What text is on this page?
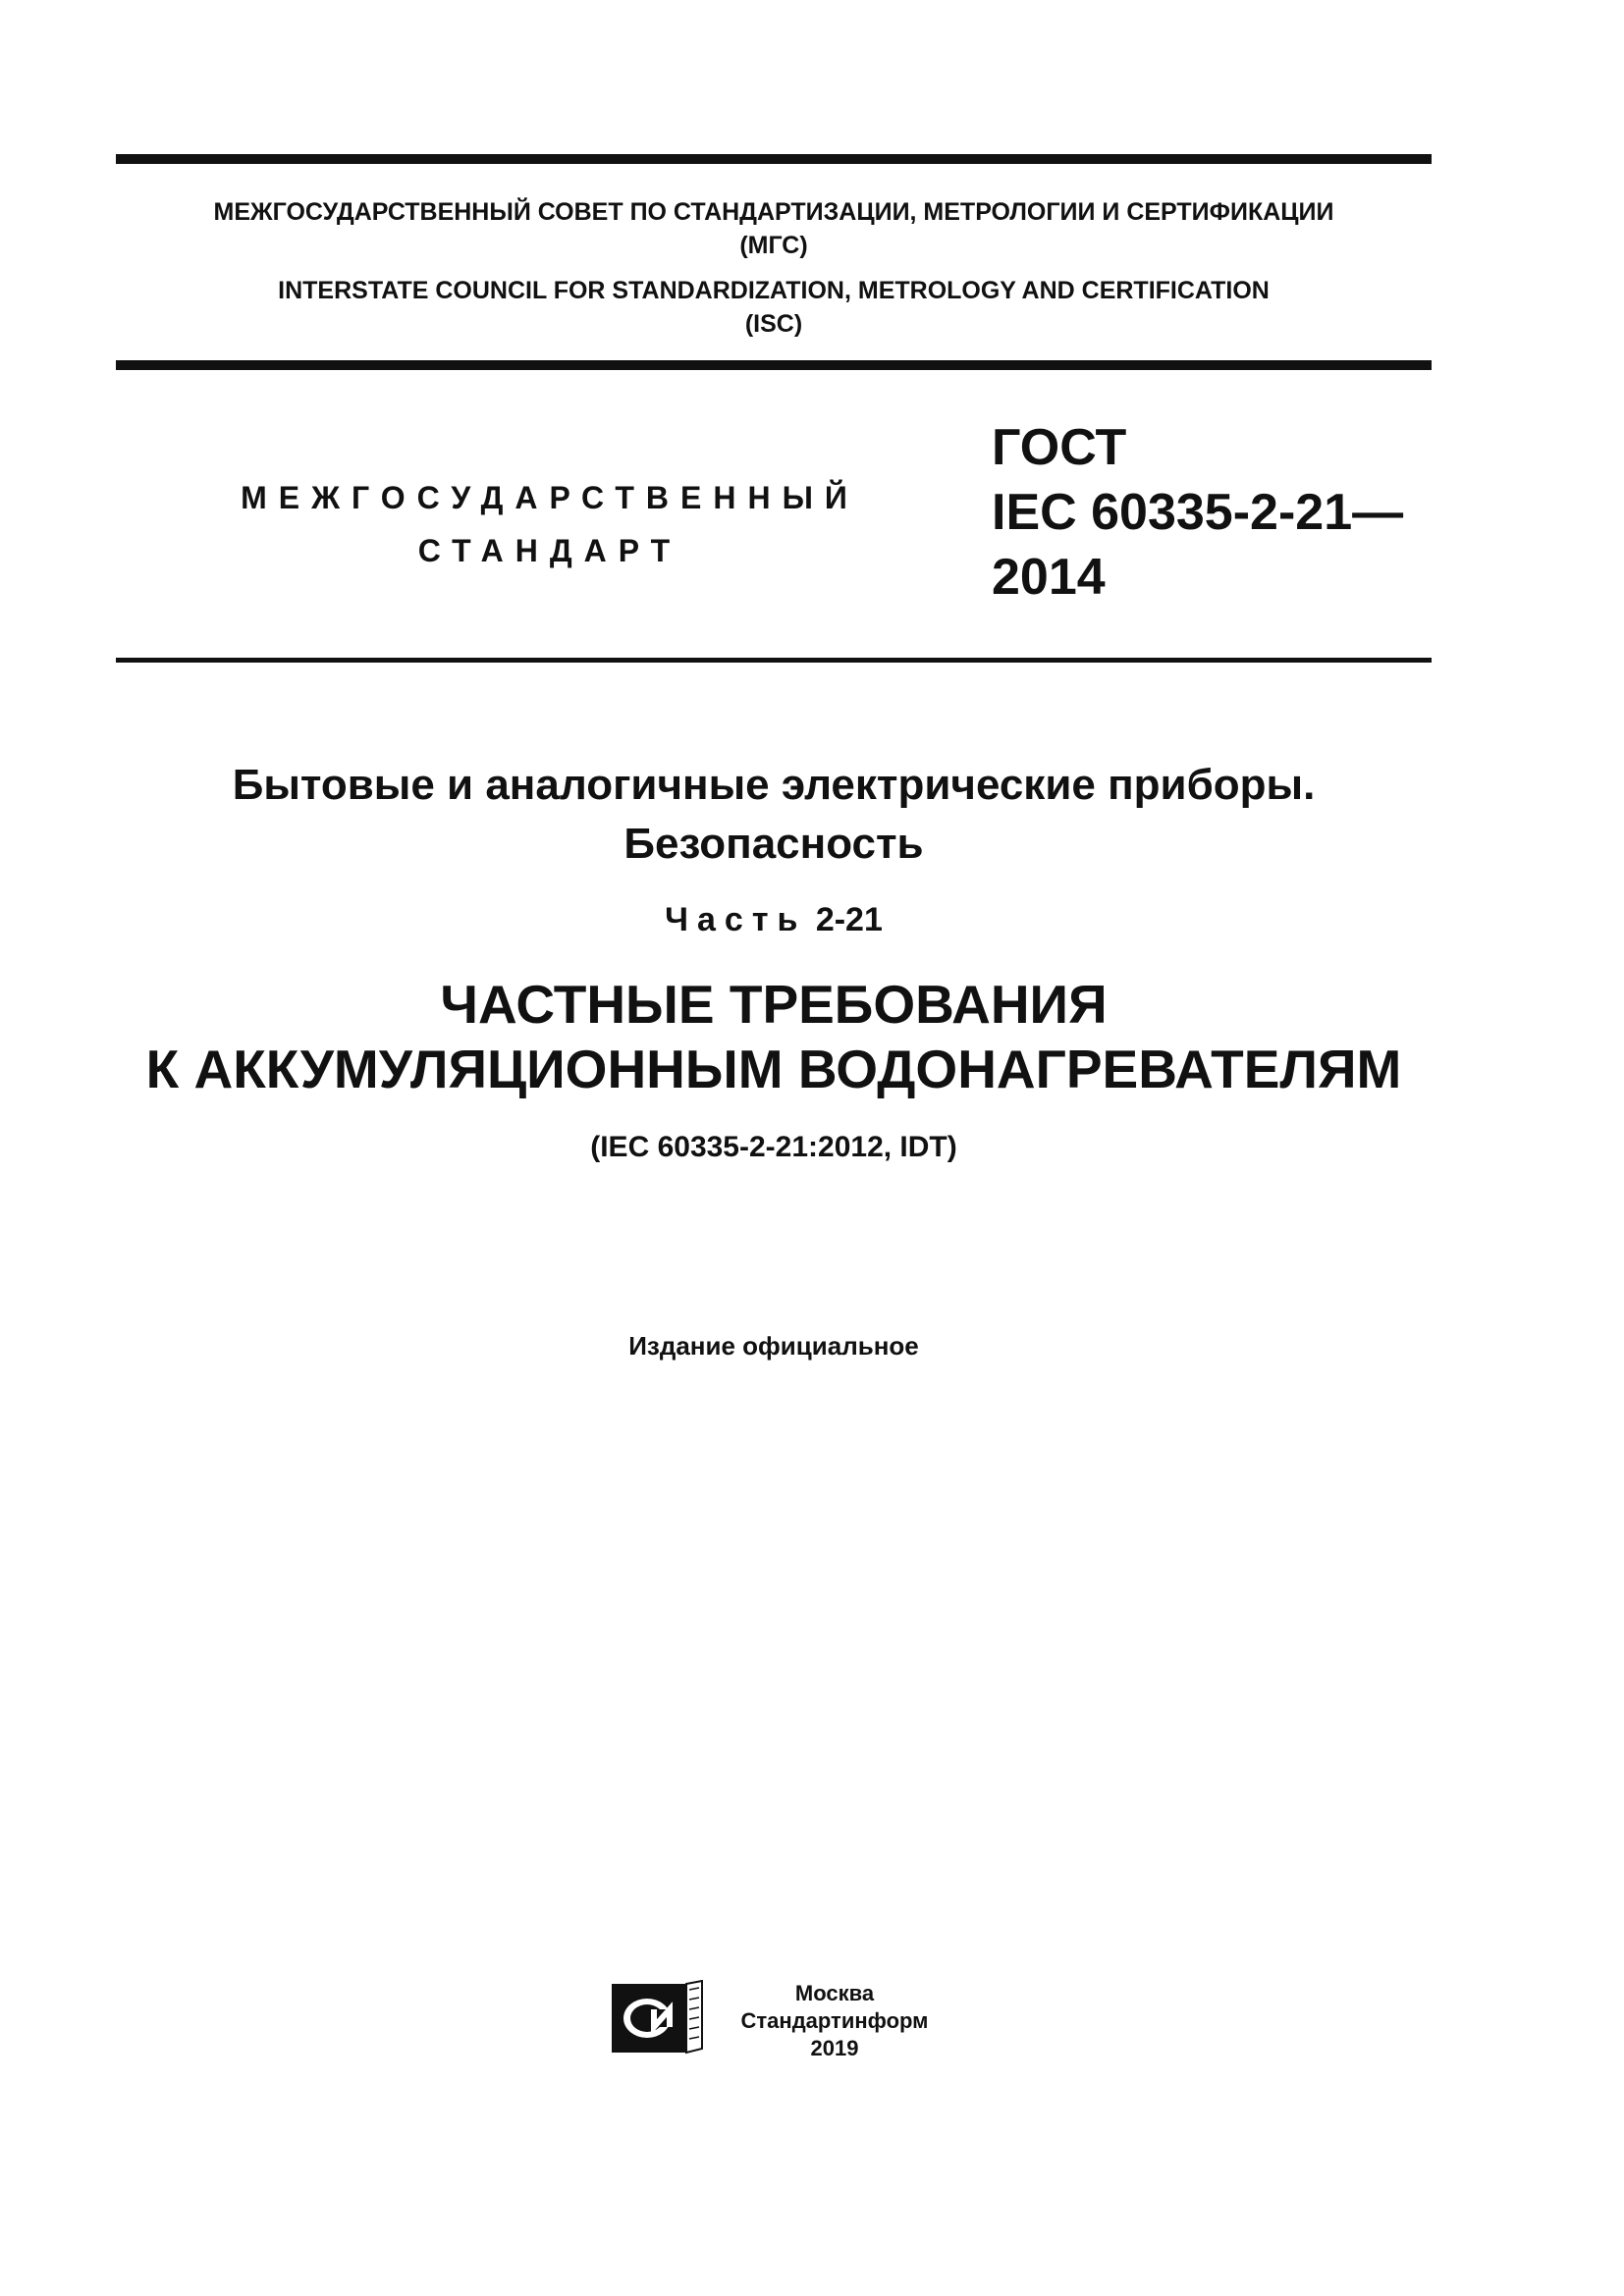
МЕЖГОСУДАРСТВЕННЫЙ СОВЕТ ПО СТАНДАРТИЗАЦИИ, МЕТРОЛОГИИ И СЕРТИФИКАЦИИ
(МГС)
INTERSTATE COUNCIL FOR STANDARDIZATION, METROLOGY AND CERTIFICATION
(ISC)
МЕЖГОСУДАРСТВЕННЫЙ
СТАНДАРТ
ГОСТ
IEC 60335-2-21—
2014
Бытовые и аналогичные электрические приборы.
Безопасность
Часть 2-21
ЧАСТНЫЕ ТРЕБОВАНИЯ
К АККУМУЛЯЦИОННЫМ ВОДОНАГРЕВАТЕЛЯМ
(IEC 60335-2-21:2012, IDT)
Издание официальное
Москва
Стандартинформ
2019
